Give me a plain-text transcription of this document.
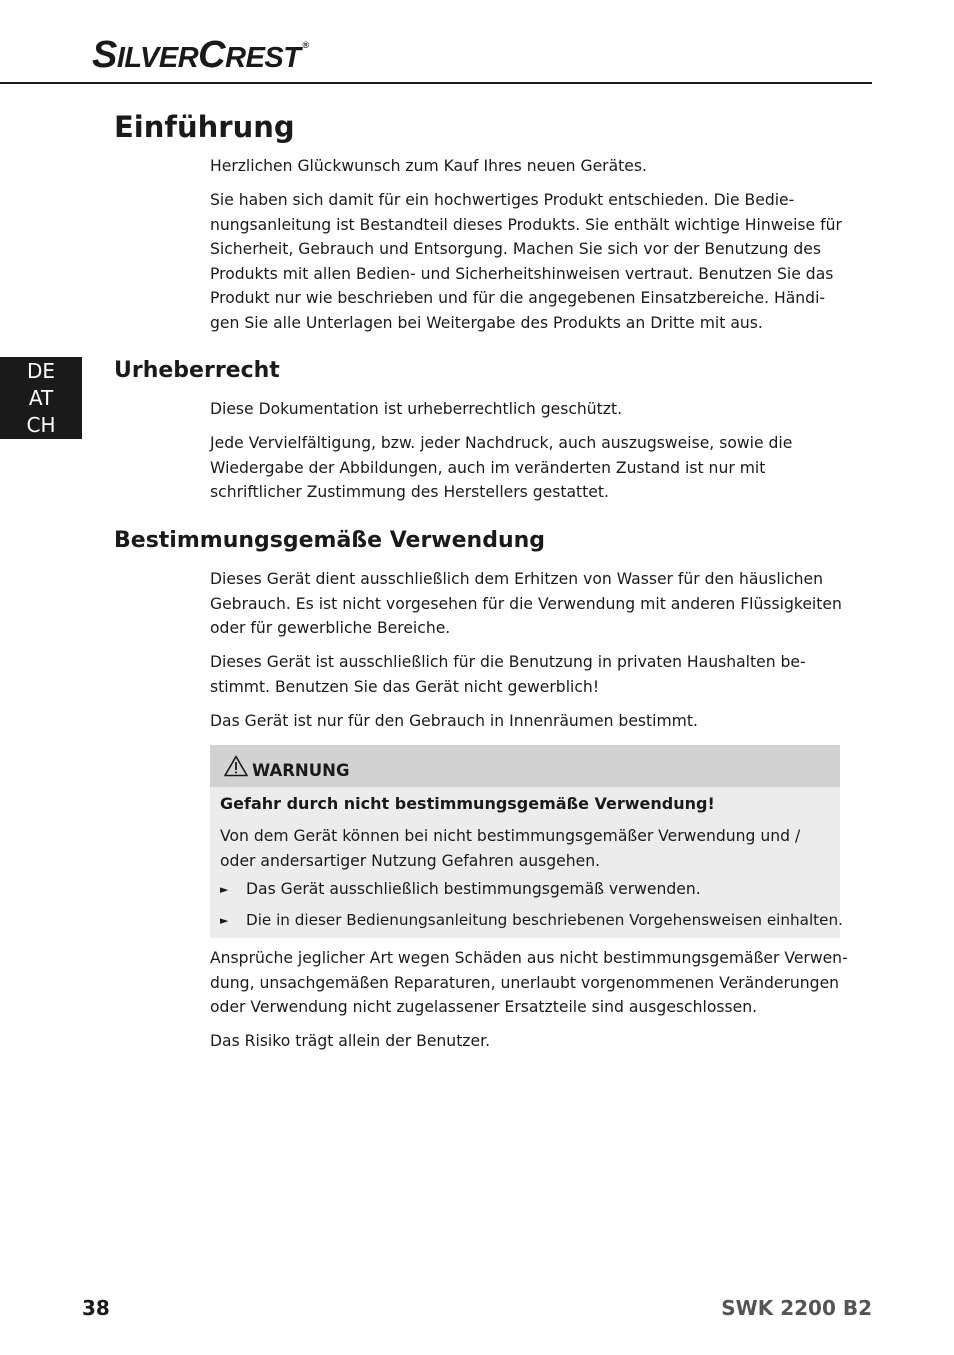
SILVERCREST ®
DE
AT
CH
Einführung

Herzlichen Glückwunsch zum Kauf Ihres neuen Gerätes.

Sie haben sich damit für ein hochwertiges Produkt entschieden. Die Bedie-nungsanleitung ist Bestandteil dieses Produkts. Sie enthält wichtige Hinweise für Sicherheit, Gebrauch und Entsorgung. Machen Sie sich vor der Benutzung des Produkts mit allen Bedien- und Sicherheitshinweisen vertraut. Benutzen Sie das Produkt nur wie beschrieben und für die angegebenen Einsatzbereiche. Händi-gen Sie alle Unterlagen bei Weitergabe des Produkts an Dritte mit aus.

Urheberrecht

Diese Dokumentation ist urheberrechtlich geschützt.

Jede Vervielfältigung, bzw. jeder Nachdruck, auch auszugsweise, sowie die Wiedergabe der Abbildungen, auch im veränderten Zustand ist nur mit schriftlicher Zustimmung des Herstellers gestattet.

Bestimmungsgemäße Verwendung

Dieses Gerät dient ausschließlich dem Erhitzen von Wasser für den häuslichen Gebrauch. Es ist nicht vorgesehen für die Verwendung mit anderen Flüssigkeiten oder für gewerbliche Bereiche.

Dieses Gerät ist ausschließlich für die Benutzung in privaten Haushalten be-stimmt. Benutzen Sie das Gerät nicht gewerblich!

Das Gerät ist nur für den Gebrauch in Innenräumen bestimmt.

WARNUNG

Gefahr durch nicht bestimmungsgemäße Verwendung!

Von dem Gerät können bei nicht bestimmungsgemäßer Verwendung und / oder andersartiger Nutzung Gefahren ausgehen.

►	Das Gerät ausschließlich bestimmungsgemäß verwenden.
►	Die in dieser Bedienungsanleitung beschriebenen Vorgehensweisen einhalten.

Ansprüche jeglicher Art wegen Schäden aus nicht bestimmungsgemäßer Verwen-dung, unsachgemäßen Reparaturen, unerlaubt vorgenommenen Veränderungen oder Verwendung nicht zugelassener Ersatzteile sind ausgeschlossen.

Das Risiko trägt allein der Benutzer.

38	SWK 2200 B2
